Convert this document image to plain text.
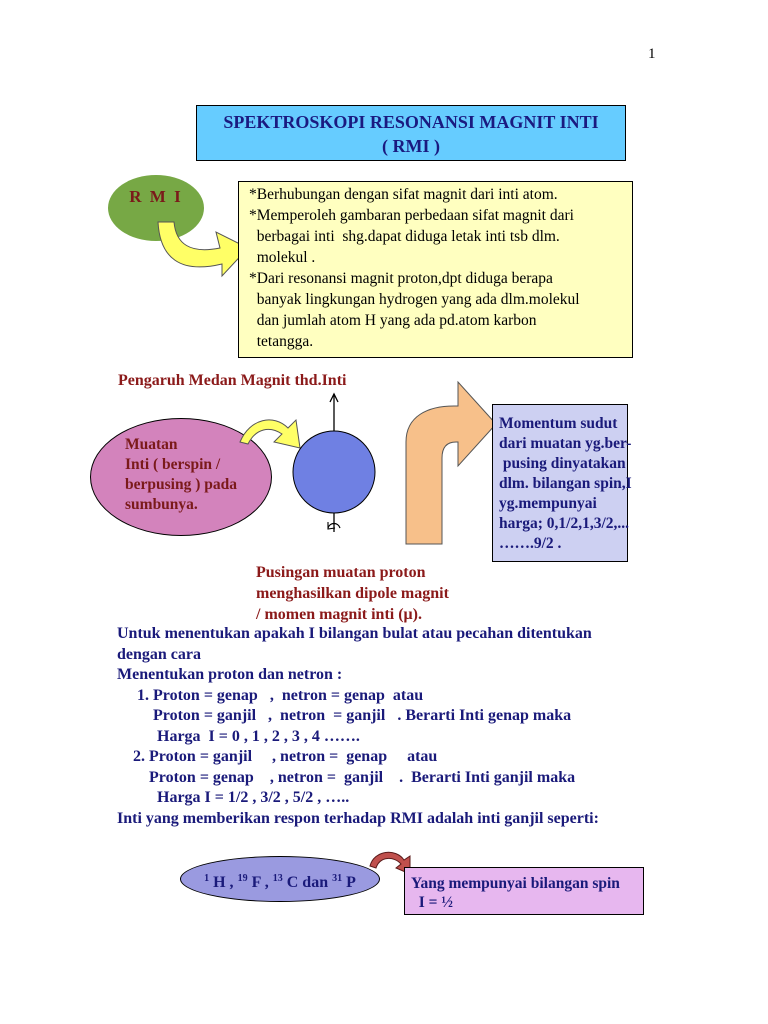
1
SPEKTROSKOPI RESONANSI MAGNIT INTI
( RMI )
R M I	*Berhubungan dengan sifat magnit dari inti atom.
*Memperoleh gambaran perbedaan sifat magnit dari
berbagai inti  shg.dapat diduga letak inti tsb dlm.
molekul .
*Dari resonansi magnit proton,dpt diduga berapa
banyak lingkungan hydrogen yang ada dlm.molekul
dan jumlah atom H yang ada pd.atom karbon
tetangga.
Pengaruh Medan Magnit thd.Inti
Muatan
Inti ( berspin /
berpusing ) pada
sumbunya.
Momentum sudut
dari muatan yg.ber-
pusing dinyatakan
dlm. bilangan spin,I
yg.mempunyai
harga; 0,1/2,1,3/2,...
…….9/2 .
Pusingan muatan proton
menghasilkan dipole magnit
/ momen magnit inti (μ).
Untuk menentukan apakah I bilangan bulat atau pecahan ditentukan
dengan cara
Menentukan proton dan netron :
1. Proton = genap   ,  netron = genap  atau
Proton = ganjil   ,  netron  = ganjil   . Berarti Inti genap maka
Harga  I = 0 , 1 , 2 , 3 , 4 …….
2. Proton = ganjil     , netron =  genap     atau
Proton = genap    , netron =  ganjil    .  Berarti Inti ganjil maka
Harga I = 1/2 , 3/2 , 5/2 , …..
Inti yang memberikan respon terhadap RMI adalah inti ganjil seperti:
$^1$ H , $^{19}$ F , $^{13}$ C dan $^{31}$ P	Yang mempunyai bilangan spin
I = ½
